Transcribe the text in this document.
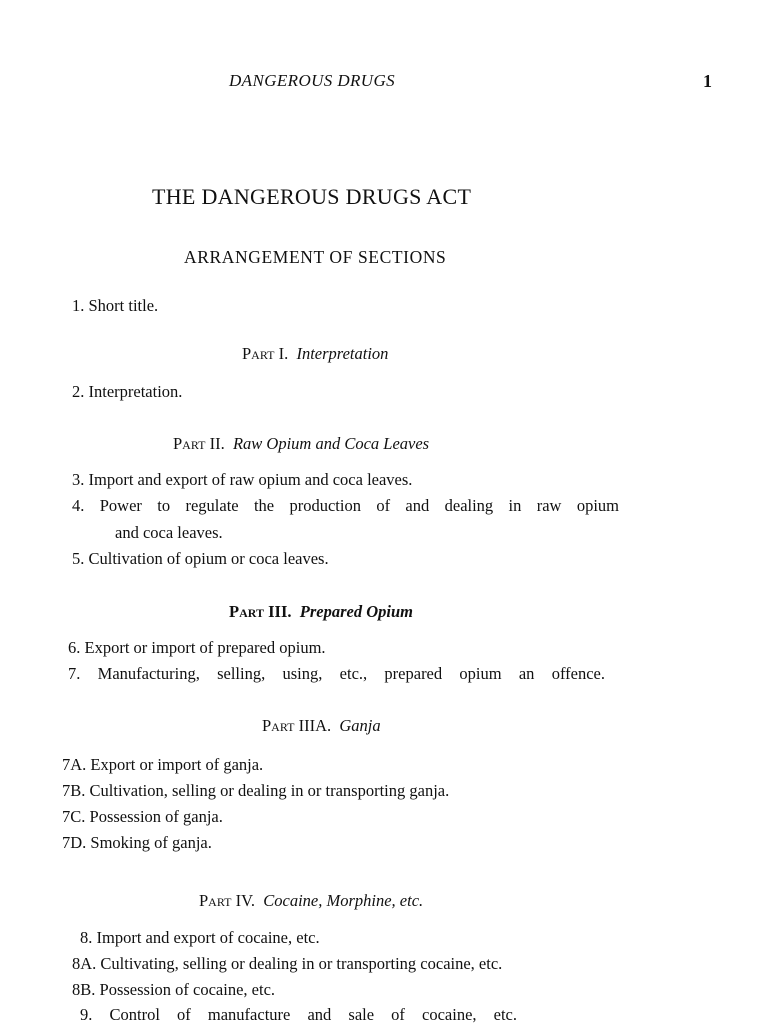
DANGEROUS DRUGS	1
THE DANGEROUS DRUGS ACT
ARRANGEMENT OF SECTIONS
1. Short title.
Part I. Interpretation
2. Interpretation.
Part II. Raw Opium and Coca Leaves
3. Import and export of raw opium and coca leaves.
4. Power to regulate the production of and dealing in raw opium
and coca leaves.
5. Cultivation of opium or coca leaves.
Part III. Prepared Opium
6. Export or import of prepared opium.
7. Manufacturing, selling, using, etc., prepared opium an offence.
Part IIIA. Ganja
7A. Export or import of ganja.
7B. Cultivation, selling or dealing in or transporting ganja.
7C. Possession of ganja.
7D. Smoking of ganja.
Part IV. Cocaine, Morphine, etc.
8. Import and export of cocaine, etc.
8A. Cultivating, selling or dealing in or transporting cocaine, etc.
8B. Possession of cocaine, etc.
9. Control of manufacture and sale of cocaine, etc.
